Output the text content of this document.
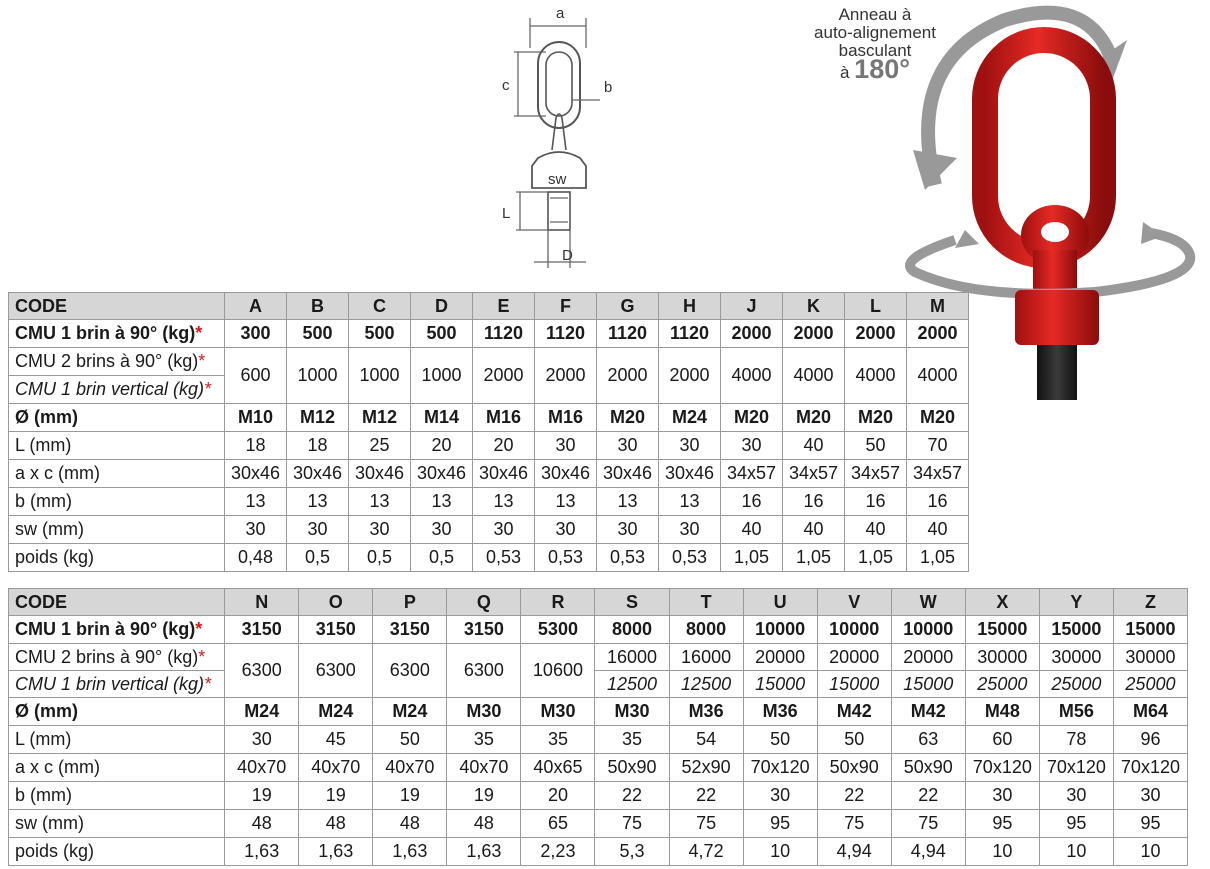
a
c	b
sw
L
D
Anneau à
auto-alignement
basculant
à 180°
CODE	A	B	C	D	E	F	G	H	J	K	L	M
CMU 1 brin à 90° (kg)*	300	500	500	500	1120	1120	1120	1120	2000	2000	2000	2000
CMU 2 brins à 90° (kg)*	600	1000	1000	1000	2000	2000	2000	2000	4000	4000	4000	4000
CMU 1 brin vertical (kg)*												
Ø (mm)	M10	M12	M12	M14	M16	M16	M20	M24	M20	M20	M20	M20
L (mm)	18	18	25	20	20	30	30	30	30	40	50	70
a x c (mm)	30x46	30x46	30x46	30x46	30x46	30x46	30x46	30x46	34x57	34x57	34x57	34x57
b (mm)	13	13	13	13	13	13	13	13	16	16	16	16
sw (mm)	30	30	30	30	30	30	30	30	40	40	40	40
poids (kg)	0,48	0,5	0,5	0,5	0,53	0,53	0,53	0,53	1,05	1,05	1,05	1,05
CODE	N	O	P	Q	R	S	T	U	V	W	X	Y	Z
CMU 1 brin à 90° (kg)*	3150	3150	3150	3150	5300	8000	8000	10000	10000	10000	15000	15000	15000
CMU 2 brins à 90° (kg)*	6300	6300	6300	6300	10600	16000	16000	20000	20000	20000	30000	30000	30000
CMU 1 brin vertical (kg)*						12500	12500	15000	15000	15000	25000	25000	25000
Ø (mm)	M24	M24	M24	M30	M30	M30	M36	M36	M42	M42	M48	M56	M64
L (mm)	30	45	50	35	35	35	54	50	50	63	60	78	96
a x c (mm)	40x70	40x70	40x70	40x70	40x65	50x90	52x90	70x120	50x90	50x90	70x120	70x120	70x120
b (mm)	19	19	19	19	20	22	22	30	22	22	30	30	30
sw (mm)	48	48	48	48	65	75	75	95	75	75	95	95	95
poids (kg)	1,63	1,63	1,63	1,63	2,23	5,3	4,72	10	4,94	4,94	10	10	10
